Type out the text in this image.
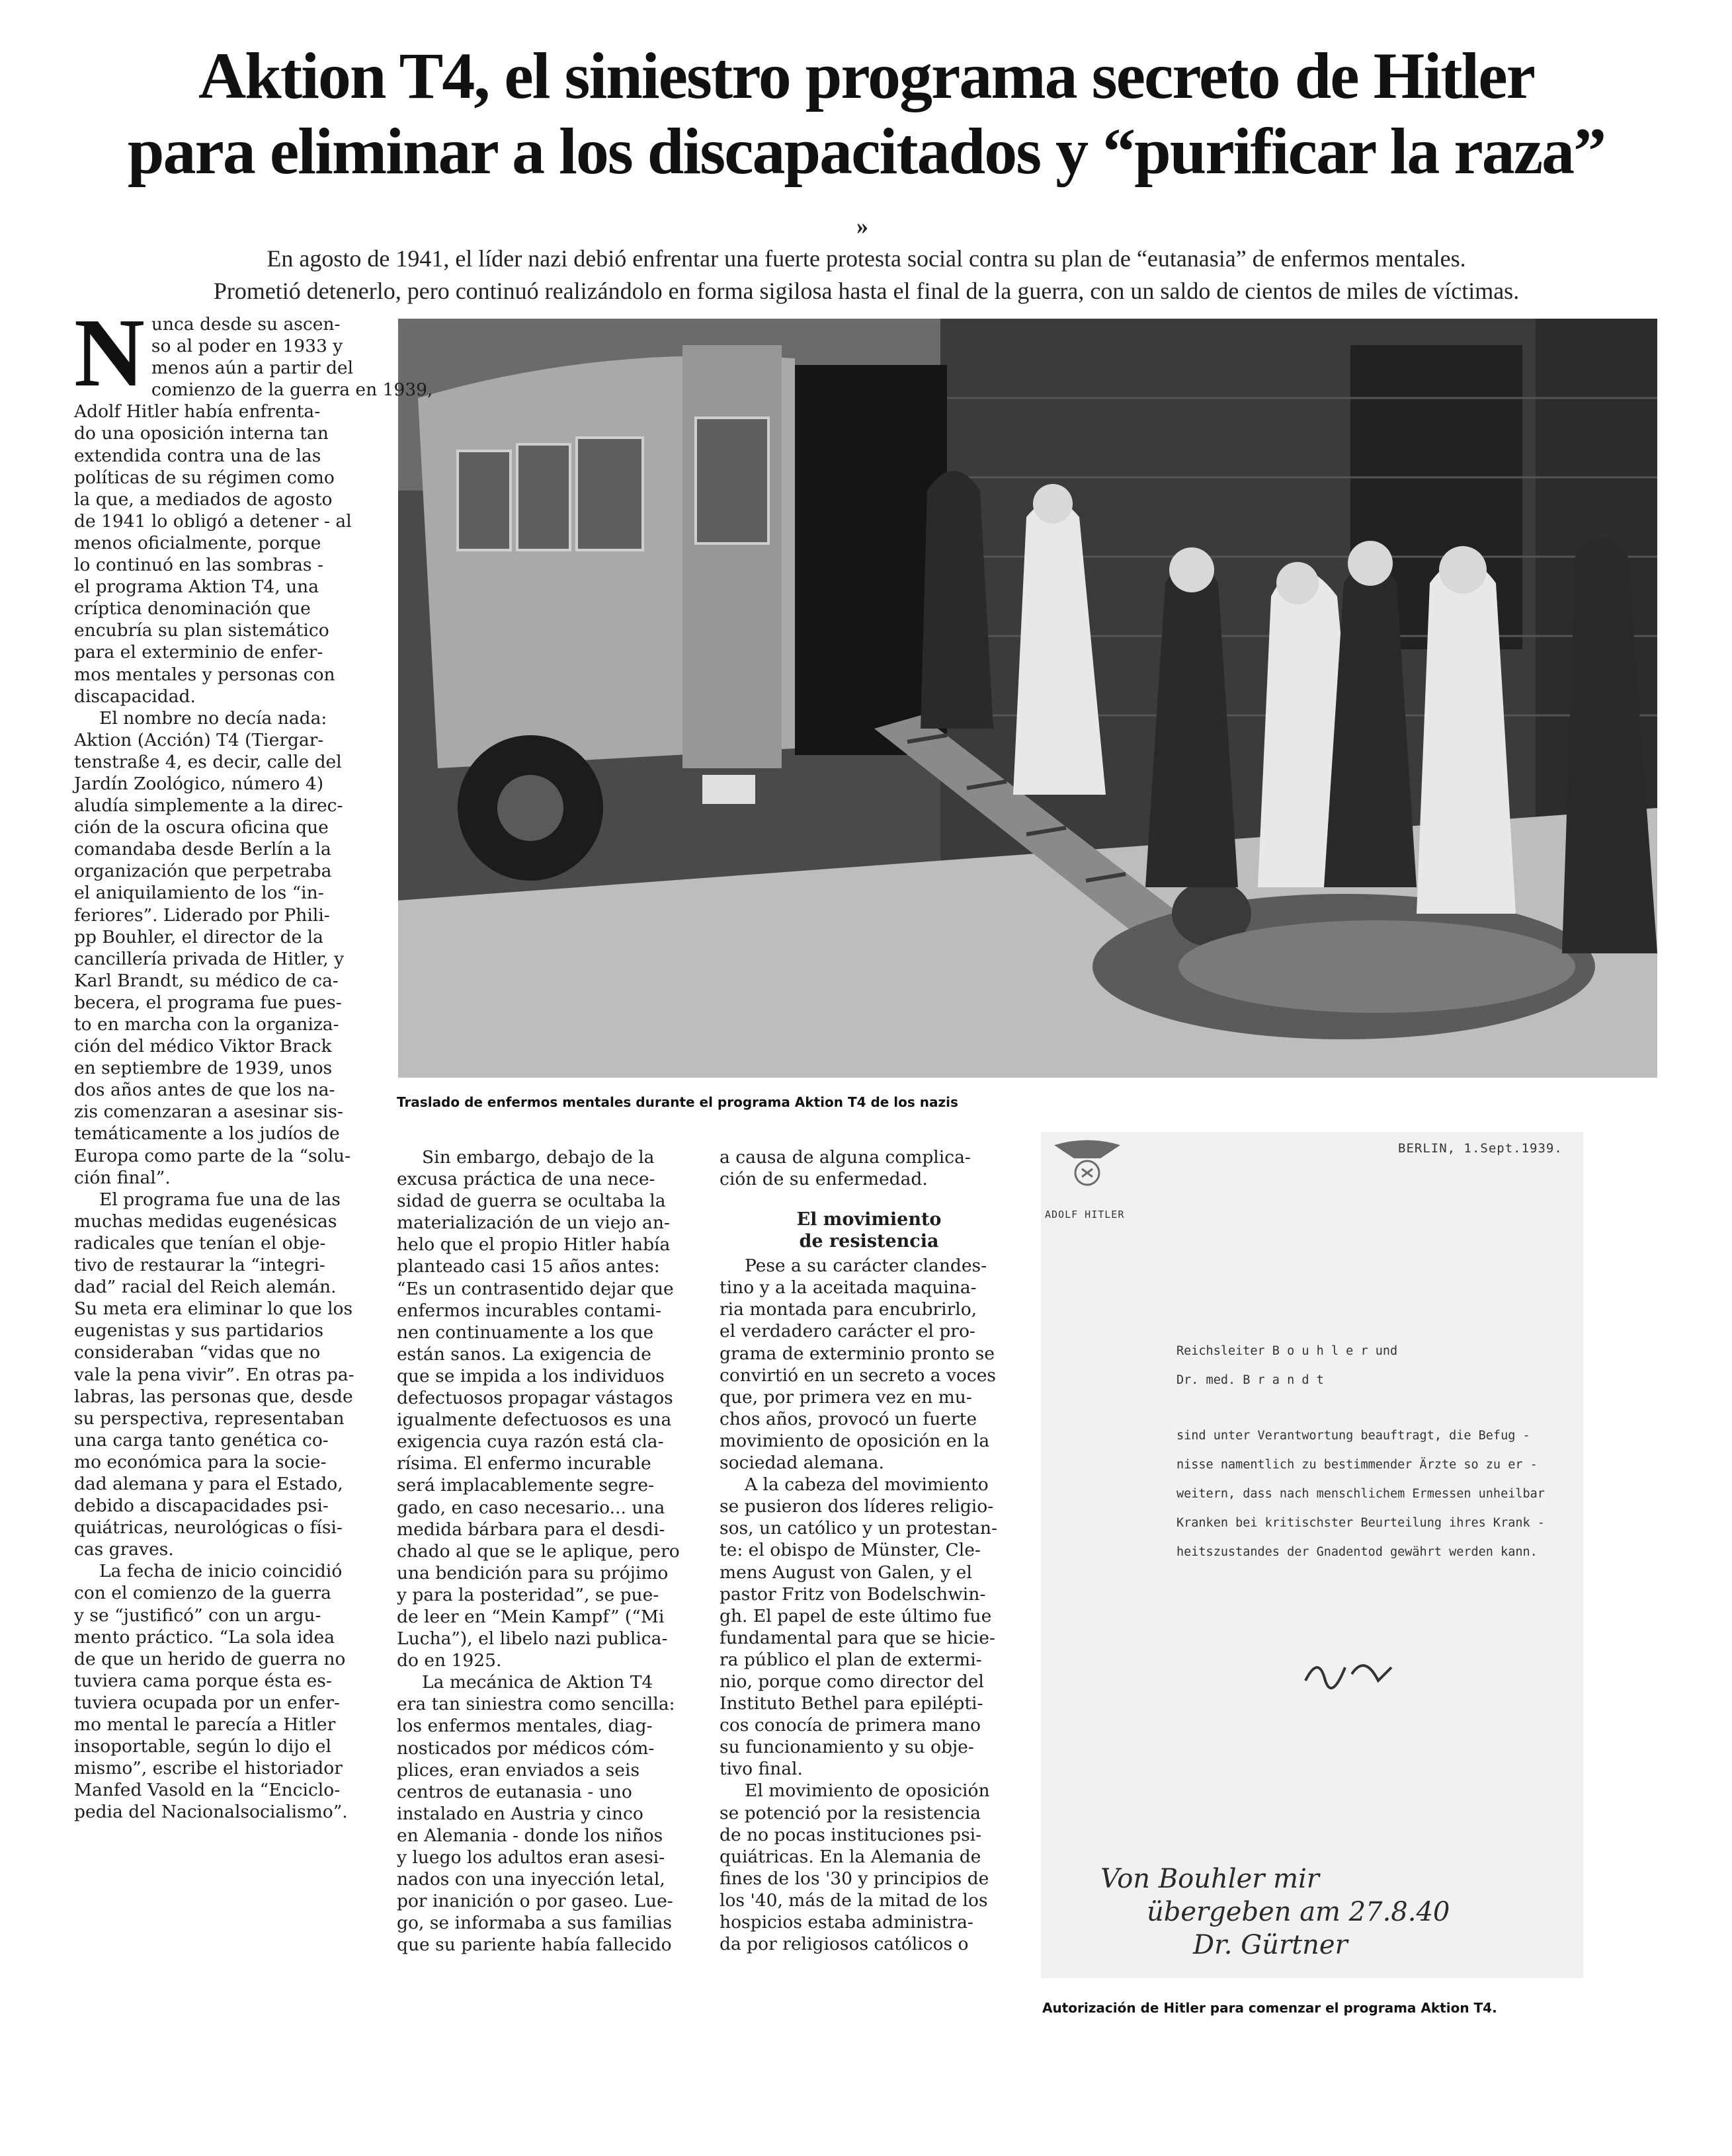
Aktion T4, el siniestro programa secreto de Hitler
para eliminar a los discapacitados y “purificar la raza”
»
En agosto de 1941, el líder nazi debió enfrentar una fuerte protesta social contra su plan de “eutanasia” de enfermos mentales.
Prometió detenerlo, pero continuó realizándolo en forma sigilosa hasta el final de la guerra, con un saldo de cientos de miles de víctimas.

Traslado de enfermos mentales durante el programa Aktion T4 de los nazis

N unca desde su ascen-
so al poder en 1933 y
menos aún a partir del
comienzo de la guerra en 1939,
Adolf Hitler había enfrenta-
do una oposición interna tan
extendida contra una de las
políticas de su régimen como
la que, a mediados de agosto
de 1941 lo obligó a detener - al
menos oficialmente, porque
lo continuó en las sombras -
el programa Aktion T4, una
críptica denominación que
encubría su plan sistemático
para el exterminio de enfer-
mos mentales y personas con
discapacidad.
El nombre no decía nada:
Aktion (Acción) T4 (Tiergar-
tenstraße 4, es decir, calle del
Jardín Zoológico, número 4)
aludía simplemente a la direc-
ción de la oscura oficina que
comandaba desde Berlín a la
organización que perpetraba
el aniquilamiento de los “in-
feriores”. Liderado por Phili-
pp Bouhler, el director de la
cancillería privada de Hitler, y
Karl Brandt, su médico de ca-
becera, el programa fue pues-
to en marcha con la organiza-
ción del médico Viktor Brack
en septiembre de 1939, unos
dos años antes de que los na-
zis comenzaran a asesinar sis-
temáticamente a los judíos de
Europa como parte de la “solu-
ción final”.
El programa fue una de las
muchas medidas eugenésicas
radicales que tenían el obje-
tivo de restaurar la “integri-
dad” racial del Reich alemán.
Su meta era eliminar lo que los
eugenistas y sus partidarios
consideraban “vidas que no
vale la pena vivir”. En otras pa-
labras, las personas que, desde
su perspectiva, representaban
una carga tanto genética co-
mo económica para la socie-
dad alemana y para el Estado,
debido a discapacidades psi-
quiátricas, neurológicas o físi-
cas graves.
La fecha de inicio coincidió
con el comienzo de la guerra
y se “justificó” con un argu-
mento práctico. “La sola idea
de que un herido de guerra no
tuviera cama porque ésta es-
tuviera ocupada por un enfer-
mo mental le parecía a Hitler
insoportable, según lo dijo el
mismo”, escribe el historiador
Manfed Vasold en la “Enciclo-
pedia del Nacionalsocialismo”.
Sin embargo, debajo de la
excusa práctica de una nece-
sidad de guerra se ocultaba la
materialización de un viejo an-
helo que el propio Hitler había
planteado casi 15 años antes:
“Es un contrasentido dejar que
enfermos incurables contami-
nen continuamente a los que
están sanos. La exigencia de
que se impida a los individuos
defectuosos propagar vástagos
igualmente defectuosos es una
exigencia cuya razón está cla-
rísima. El enfermo incurable
será implacablemente segre-
gado, en caso necesario... una
medida bárbara para el desdi-
chado al que se le aplique, pero
una bendición para su prójimo
y para la posteridad”, se pue-
de leer en “Mein Kampf” (“Mi
Lucha”), el libelo nazi publica-
do en 1925.
La mecánica de Aktion T4
era tan siniestra como sencilla:
los enfermos mentales, diag-
nosticados por médicos cóm-
plices, eran enviados a seis
centros de eutanasia - uno
instalado en Austria y cinco
en Alemania - donde los niños
y luego los adultos eran asesi-
nados con una inyección letal,
por inanición o por gaseo. Lue-
go, se informaba a sus familias
que su pariente había fallecido
a causa de alguna complica-
ción de su enfermedad.
El movimiento
de resistencia
Pese a su carácter clandes-
tino y a la aceitada maquina-
ria montada para encubrirlo,
el verdadero carácter el pro-
grama de exterminio pronto se
convirtió en un secreto a voces
que, por primera vez en mu-
chos años, provocó un fuerte
movimiento de oposición en la
sociedad alemana.
A la cabeza del movimiento
se pusieron dos líderes religio-
sos, un católico y un protestan-
te: el obispo de Münster, Cle-
mens August von Galen, y el
pastor Fritz von Bodelschwin-
gh. El papel de este último fue
fundamental para que se hicie-
ra público el plan de extermi-
nio, porque como director del
Instituto Bethel para epilépti-
cos conocía de primera mano
su funcionamiento y su obje-
tivo final.
El movimiento de oposición
se potenció por la resistencia
de no pocas instituciones psi-
quiátricas. En la Alemania de
fines de los '30 y principios de
los '40, más de la mitad de los
hospicios estaba administra-
da por religiosos católicos o
ADOLF HITLER
BERLIN, 1.Sept.1939.
Reichsleiter B o u h l e r und
Dr. med. B r a n d t
sind unter Verantwortung beauftragt, die Befug -
nisse namentlich zu bestimmender Ärzte so zu er -
weitern, dass nach menschlichem Ermessen unheilbar
Kranken bei kritischster Beurteilung ihres Krank -
heitszustandes der Gnadentod gewährt werden kann.
Von Bouhler mir
übergeben am 27.8.40
Dr. Gürtner

Autorización de Hitler para comenzar el programa Aktion T4.
